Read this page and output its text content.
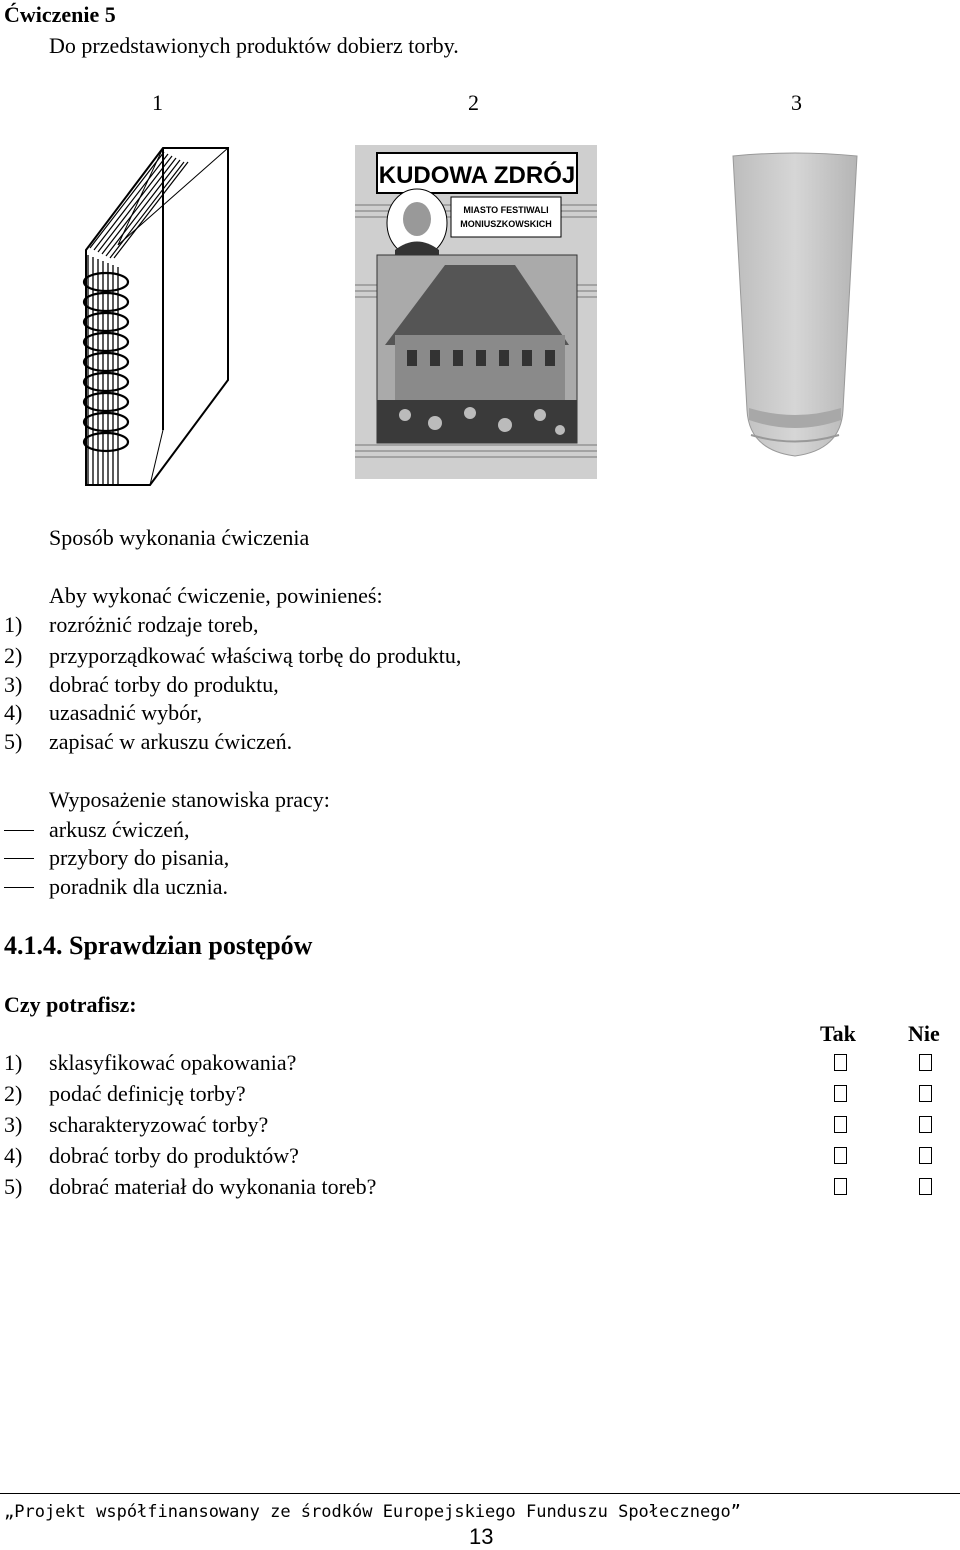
Ćwiczenie 5
Do przedstawionych produktów dobierz torby.
1	2	3
KUDOWA ZDRÓJ
MIASTO FESTIWALI
MONIUSZKOWSKICH
Sposób wykonania ćwiczenia
Aby wykonać ćwiczenie, powinieneś:
1) rozróżnić rodzaje toreb,
2) przyporządkować właściwą torbę do produktu,
3) dobrać torby do produktu,
4) uzasadnić wybór,
5) zapisać w arkuszu ćwiczeń.
Wyposażenie stanowiska pracy:
arkusz ćwiczeń,
przybory do pisania,
poradnik dla ucznia.
4.1.4. Sprawdzian postępów
Czy potrafisz:
Tak Nie
1) sklasyfikować opakowania?
2) podać definicję torby?
3) scharakteryzować torby?
4) dobrać torby do produktów?
5) dobrać materiał do wykonania toreb?
„Projekt współfinansowany ze środków Europejskiego Funduszu Społecznego”
13
